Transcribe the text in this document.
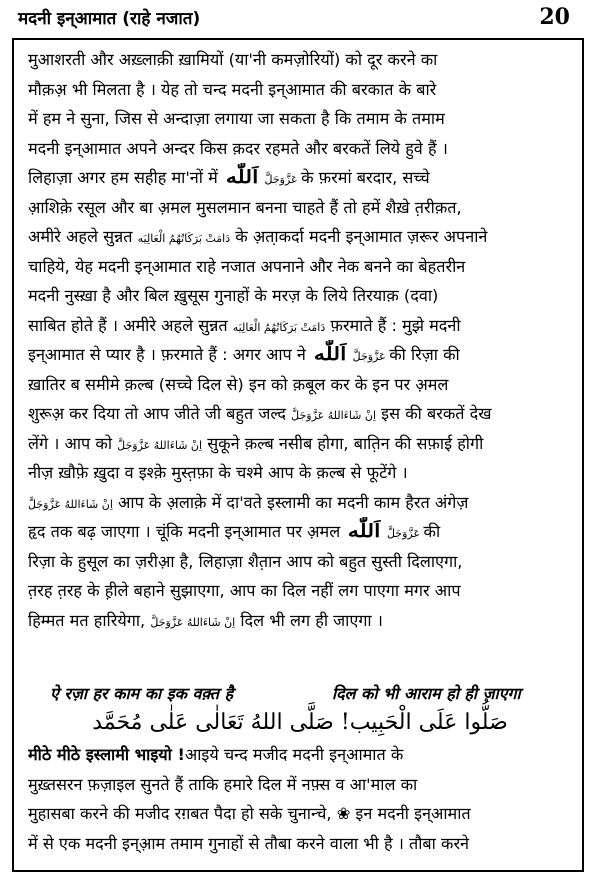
मदनी इन्आमात (राहे नजात)	20
मुआशरती और अख़्लाक़ी ख़ामियों (या'नी कमज़ोरियों) को दूर करने का
मौक़अ़ भी मिलता है । येह तो चन्द मदनी इन्आमात की बरकात के बारे
में हम ने सुना, जिस से अन्दाज़ा लगाया जा सकता है कि तमाम के तमाम
मदनी इन्आमात अपने अन्दर किस क़दर रहमते और बरकतें लिये हुवे हैं ।
लिहाज़ा अगर हम सहीह मा'नों में اَللّٰه عَزَّوَجَلَّ के फ़रमां बरदार, सच्चे
आ़शिक़े रसूल और बा अ़मल मुसलमान बनना चाहते हैं तो हमें शैख़े त़रीक़त,
अमीरे अहले सुन्नत دَامَتْ بَرَكَاتُهُمُ الْعَالِيَه के अ़ता़कर्दा मदनी इन्आमात ज़रूर अपनाने
चाहिये, येह मदनी इन्आमात राहे नजात अपनाने और नेक बनने का बेहतरीन
मदनी नुस्ख़ा है और बिल ख़ुसूस गुनाहों के मरज़ के लिये तिरयाक़ (दवा)
साबित होते हैं । अमीरे अहले सुन्नत دَامَتْ بَرَكَاتُهُمُ الْعَالِيَه फ़रमाते हैं : मुझे मदनी
इन्आमात से प्यार है । फ़रमाते हैं : अगर आप ने اَللّٰه عَزَّوَجَلَّ की रिज़ा की
ख़ातिर ब समीमे क़ल्ब (सच्चे दिल से) इन को क़बूल कर के इन पर अ़मल
शुरूअ़ कर दिया तो आप जीते जी बहुत जल्द اِنْ شَاءَاللهُ عَزَّوَجَلَّ इस की बरकतें देख
लेंगे । आप को اِنْ شَاءَاللهُ عَزَّوَجَلَّ सुकूने क़ल्ब नसीब होगा, बात़िन की सफ़ाई होगी
नीज़ ख़ौफ़े ख़ुदा व इश्क़े मुस्त़फ़ा के चश्मे आप के क़ल्ब से फूटेंगे ।
اِنْ شَاءَاللهُ عَزَّوَجَلَّ आप के अ़लाक़े में दा'वते इस्लामी का मदनी काम हैरत अंगेज़
हृद तक बढ़ जाएगा । चूंकि मदनी इन्आमात पर अ़मल اَللّٰه عَزَّوَجَلَّ की
रिज़ा के हुसूल का ज़रीआ़ है, लिहाज़ा शैत़ान आप को बहुत सुस्ती दिलाएगा,
त़रह त़रह के ह़ीले बहाने सुझाएगा, आप का दिल नहीं लग पाएगा मगर आप
हिम्मत मत हारियेगा, اِنْ شَاءَاللهُ عَزَّوَجَلَّ दिल भी लग ही जाएगा ।
ऐ रज़ा हर काम का इक वक़्त है	दिल को भी आराम हो ही जाएगा
صَلُّوا عَلَى الْحَبِيب! صَلَّى اللهُ تَعَالٰى عَلٰى مُحَمَّد
मीठे मीठे इस्लामी भाइयो !आइये चन्द मजीद मदनी इन्आमात के
मुख़्तसरन फ़ज़ाइल सुनते हैं ताकि हमारे दिल में नफ़्स व आ'माल का
मुहासबा करने की मजीद रग़बत पैदा हो सके चुनान्चे, ❀ इन मदनी इन्आमात
में से एक मदनी इन्आ़म तमाम गुनाहों से तौबा करने वाला भी है । तौबा करने
